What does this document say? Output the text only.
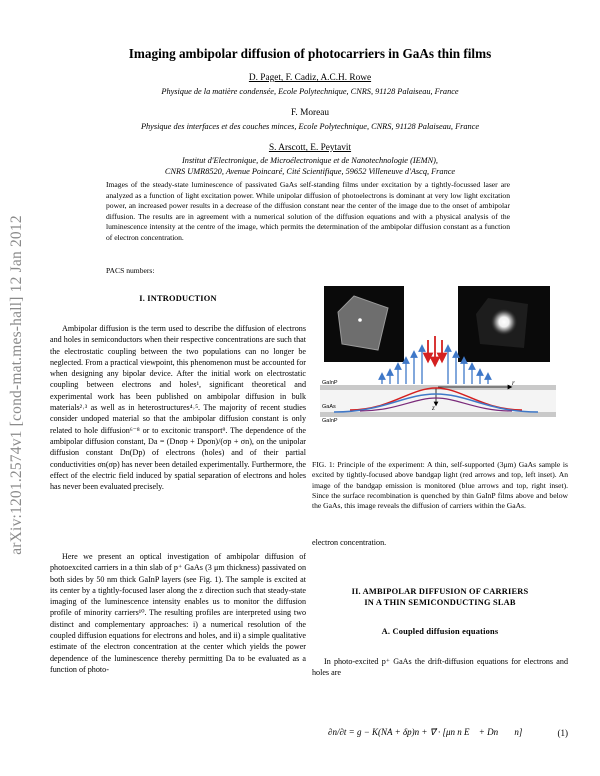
arXiv:1201.2574v1 [cond-mat.mes-hall] 12 Jan 2012
Imaging ambipolar diffusion of photocarriers in GaAs thin films
D. Paget, F. Cadiz, A.C.H. Rowe
Physique de la matière condensée, Ecole Polytechnique, CNRS, 91128 Palaiseau, France
F. Moreau
Physique des interfaces et des couches minces, Ecole Polytechnique, CNRS, 91128 Palaiseau, France
S. Arscott, E. Peytavit
Institut d'Electronique, de Microélectronique et de Nanotechnologie (IEMN),
CNRS UMR8520, Avenue Poincaré, Cité Scientifique, 59652 Villeneuve d'Ascq, France
Images of the steady-state luminescence of passivated GaAs self-standing films under excitation by a tightly-focussed laser are analyzed as a function of light excitation power. While unipolar diffusion of photoelectrons is dominant at very low light excitation power, an increased power results in a decrease of the diffusion constant near the center of the image due to the onset of ambipolar diffusion. The results are in agreement with a numerical solution of the diffusion equations and with a physical analysis of the luminescence intensity at the centre of the image, which permits the determination of the ambipolar diffusion constant as a function of electron concentration.
PACS numbers:
I. INTRODUCTION
Ambipolar diffusion is the term used to describe the diffusion of electrons and holes in semiconductors when their respective concentrations are such that the electrostatic coupling between the two populations can no longer be neglected. From a practical viewpoint, this phenomenon must be accounted for when designing any bipolar device. After the initial work on electrostatic coupling between electrons and holes¹, significant theoretical and experimental work has been published on ambipolar diffusion in bulk materials²˒³ as well as in heterostructures⁴˒⁵. The majority of recent studies consider undoped material so that the ambipolar diffusion constant is only related to hole diffusion⁶⁻⁸ or to excitonic transport⁹. The dependence of the ambipolar diffusion constant, Da = (Dnσp + Dpσn)/(σp + σn), on the unipolar diffusion constant Dn(Dp) of electrons (holes) and of their partial conductivities σn(σp) has never been detailed experimentally. Furthermore, the effect of the electric field induced by spatial separation of electrons and holes has never been evaluated precisely.
Here we present an optical investigation of ambipolar diffusion of photoexcited carriers in a thin slab of p⁺ GaAs (3 μm thickness) passivated on both sides by 50 nm thick GaInP layers (see Fig. 1). The sample is excited at its center by a tightly-focused laser along the z direction such that steady-state imaging of the luminescence intensity enables us to monitor the diffusion profile of minority carriers¹⁰. The resulting profiles are interpreted using two distinct and complementary approaches: i) a numerical resolution of the coupled diffusion equations for electrons and holes, and ii) a simple qualitative estimate of the electron concentration at the center which yields the power dependence of the luminescence thereby permitting Da to be evaluated as a function of photo-
GaInP
GaAs
GaInP
r
z
FIG. 1: Principle of the experiment: A thin, self-supported (3μm) GaAs sample is excited by tightly-focused above bandgap light (red arrows and top, left inset). An image of the bandgap emission is monitored (blue arrows and top, right inset). Since the surface recombination is quenched by thin GaInP films above and below the GaAs, this image reveals the diffusion of carriers within the GaAs.
electron concentration.
II. AMBIPOLAR DIFFUSION OF CARRIERS
IN A THIN SEMICONDUCTING SLAB
A. Coupled diffusion equations
In photo-excited p⁺ GaAs the drift-diffusion equations for electrons and holes are
∂n/∂t = g − K(NA + δp)n + ∇⃗ · [μn n E⃗ + Dn ∇⃗n]	(1)
